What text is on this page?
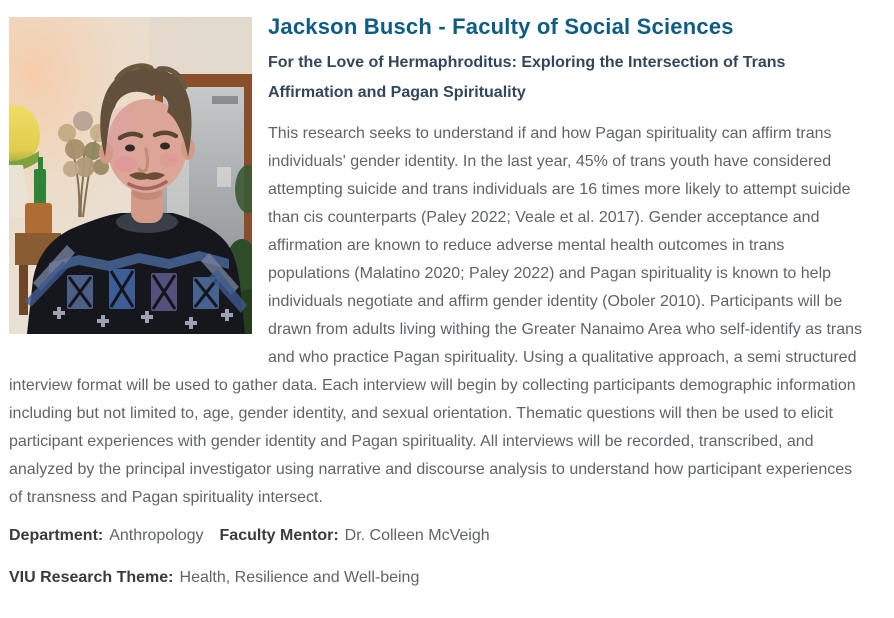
Jackson Busch - Faculty of Social Sciences
For the Love of Hermaphroditus: Exploring the Intersection of Trans Affirmation and Pagan Spirituality

This research seeks to understand if and how Pagan spirituality can affirm trans individuals' gender identity. In the last year, 45% of trans youth have considered attempting suicide and trans individuals are 16 times more likely to attempt suicide than cis counterparts (Paley 2022; Veale et al. 2017). Gender acceptance and affirmation are known to reduce adverse mental health outcomes in trans populations (Malatino 2020; Paley 2022) and Pagan spirituality is known to help individuals negotiate and affirm gender identity (Oboler 2010). Participants will be drawn from adults living withing the Greater Nanaimo Area who self-identify as trans and who practice Pagan spirituality. Using a qualitative approach, a semi structured interview format will be used to gather data. Each interview will begin by collecting participants demographic information including but not limited to, age, gender identity, and sexual orientation. Thematic questions will then be used to elicit participant experiences with gender identity and Pagan spirituality. All interviews will be recorded, transcribed, and analyzed by the principal investigator using narrative and discourse analysis to understand how participant experiences of transness and Pagan spirituality intersect.

Department: Anthropology Faculty Mentor: Dr. Colleen McVeigh
VIU Research Theme: Health, Resilience and Well-being
